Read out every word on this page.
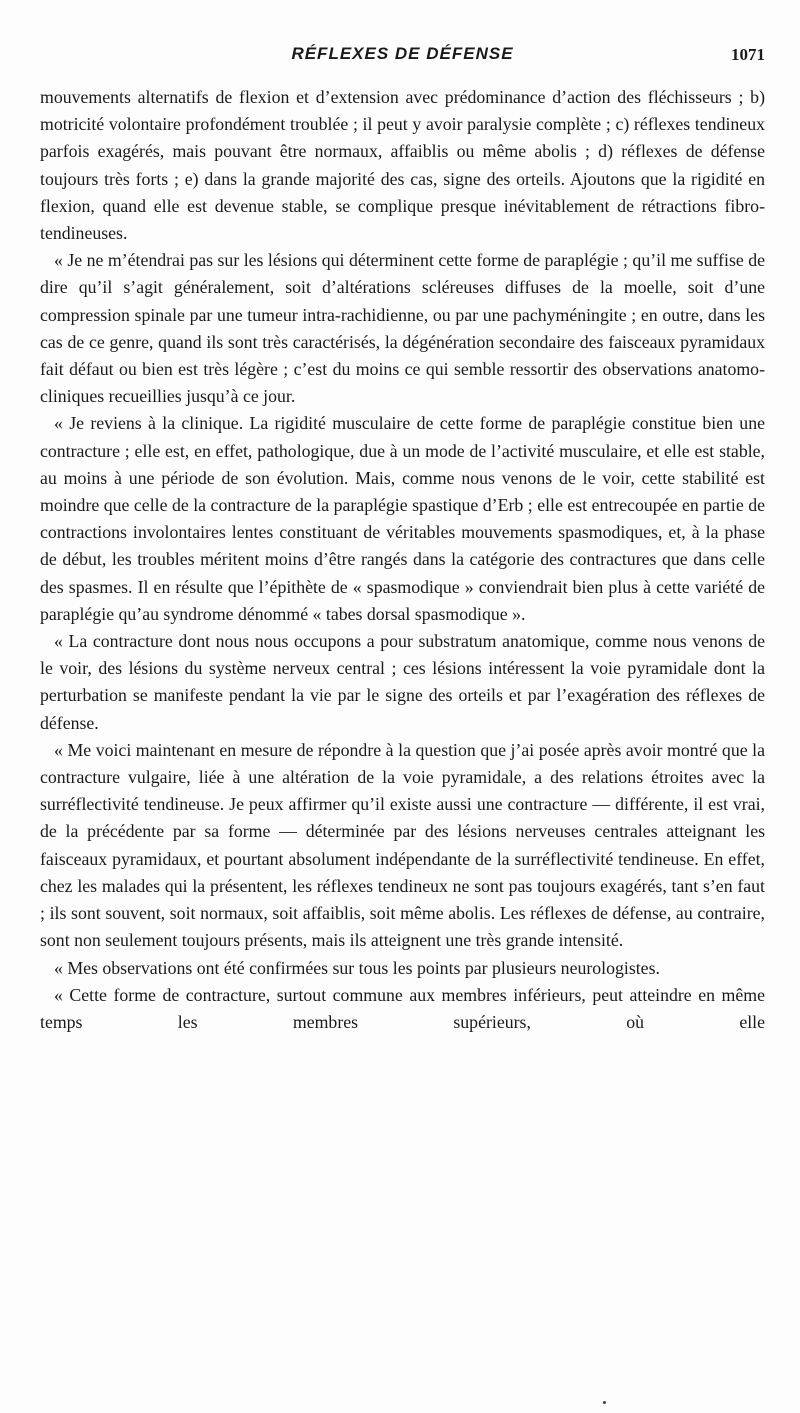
RÉFLEXES DE DÉFENSE	1071

mouvements alternatifs de flexion et d’extension avec prédominance d’action des fléchisseurs ; b) motricité volontaire profondément troublée ; il peut y avoir paralysie complète ; c) réflexes tendineux parfois exagérés, mais pouvant être normaux, affaiblis ou même abolis ; d) réflexes de défense toujours très forts ; e) dans la grande majorité des cas, signe des orteils. Ajoutons que la rigidité en flexion, quand elle est devenue stable, se complique presque inévitablement de rétractions fibro-tendineuses.

« Je ne m’étendrai pas sur les lésions qui déterminent cette forme de paraplégie ; qu’il me suffise de dire qu’il s’agit généralement, soit d’altérations scléreuses diffuses de la moelle, soit d’une compression spinale par une tumeur intra-rachidienne, ou par une pachyméningite ; en outre, dans les cas de ce genre, quand ils sont très caractérisés, la dégénération secondaire des faisceaux pyramidaux fait défaut ou bien est très légère ; c’est du moins ce qui semble ressortir des observations anatomo-cliniques recueillies jusqu’à ce jour.

« Je reviens à la clinique. La rigidité musculaire de cette forme de paraplégie constitue bien une contracture ; elle est, en effet, pathologique, due à un mode de l’activité musculaire, et elle est stable, au moins à une période de son évolution. Mais, comme nous venons de le voir, cette stabilité est moindre que celle de la contracture de la paraplégie spastique d’Erb ; elle est entrecoupée en partie de contractions involontaires lentes constituant de véritables mouvements spasmodiques, et, à la phase de début, les troubles méritent moins d’être rangés dans la catégorie des contractures que dans celle des spasmes. Il en résulte que l’épithète de « spasmodique » conviendrait bien plus à cette variété de paraplégie qu’au syndrome dénommé « tabes dorsal spasmodique ».

« La contracture dont nous nous occupons a pour substratum anatomique, comme nous venons de le voir, des lésions du système nerveux central ; ces lésions intéressent la voie pyramidale dont la perturbation se manifeste pendant la vie par le signe des orteils et par l’exagération des réflexes de défense.

« Me voici maintenant en mesure de répondre à la question que j’ai posée après avoir montré que la contracture vulgaire, liée à une altération de la voie pyramidale, a des relations étroites avec la surréflectivité tendineuse. Je peux affirmer qu’il existe aussi une contracture — différente, il est vrai, de la précédente par sa forme — déterminée par des lésions nerveuses centrales atteignant les faisceaux pyramidaux, et pourtant absolument indépendante de la surréflectivité tendineuse. En effet, chez les malades qui la présentent, les réflexes tendineux ne sont pas toujours exagérés, tant s’en faut ; ils sont souvent, soit normaux, soit affaiblis, soit même abolis. Les réflexes de défense, au contraire, sont non seulement toujours présents, mais ils atteignent une très grande intensité.

« Mes observations ont été confirmées sur tous les points par plusieurs neurologistes.

« Cette forme de contracture, surtout commune aux membres inférieurs, peut atteindre en même temps les membres supérieurs, où elle
